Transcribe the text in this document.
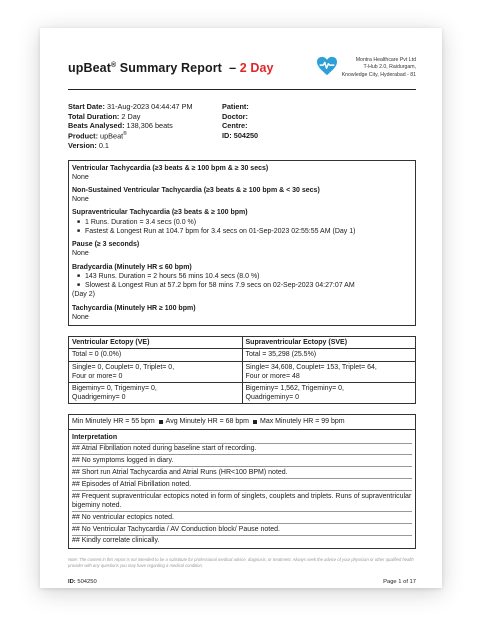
upBeat® Summary Report  – 2 Day
Montra Healthcare Pvt Ltd
T-Hub 2.0, Raidurgam,
Knowledge City, Hyderabad - 81
Start Date: 31-Aug-2023 04:44:47 PM
Total Duration: 2 Day
Beats Analysed: 138,306 beats
Product: upBeat®
Version: 0.1
Patient:
Doctor:
Centre:
ID: 504250
Ventricular Tachycardia (≥3 beats & ≥ 100 bpm & ≥ 30 secs)
None
Non-Sustained Ventricular Tachycardia (≥3 beats & ≥ 100 bpm & < 30 secs)
None
Supraventricular Tachycardia (≥3 beats & ≥ 100 bpm)
■ 1 Runs. Duration = 3.4 secs (0.0 %)
■ Fastest & Longest Run at 104.7 bpm for 3.4 secs on 01-Sep-2023 02:55:55 AM (Day 1)
Pause (≥ 3 seconds)
None
Bradycardia (Minutely HR ≤ 60 bpm)
■ 143 Runs. Duration = 2 hours 56 mins 10.4 secs (8.0 %)
■ Slowest & Longest Run at 57.2 bpm for 58 mins 7.9 secs on 02-Sep-2023 04:27:07 AM
(Day 2)
Tachycardia (Minutely HR ≥ 100 bpm)
None
Ventricular Ectopy (VE)
Total = 0 (0.0%)
Single= 0, Couplet= 0, Triplet= 0,
Four or more= 0
Bigeminy= 0, Trigeminy= 0,
Quadrigeminy= 0
Supraventricular Ectopy (SVE)
Total = 35,298 (25.5%)
Single= 34,608, Couplet= 153, Triplet= 64,
Four or more= 48
Bigeminy= 1,562, Trigeminy= 0,
Quadrigeminy= 0
Min Minutely HR = 55 bpm Avg Minutely HR = 68 bpm Max Minutely HR = 99 bpm
Interpretation
## Atrial Fibrillation noted during baseline start of recording.
## No symptoms logged in diary.
## Short run Atrial Tachycardia and Atrial Runs (HR<100 BPM) noted.
## Episodes of Atrial Fibrillation noted.
## Frequent supraventricular ectopics noted in form of singlets, couplets and triplets. Runs of supraventricular bigeminy noted.
## No ventricular ectopics noted.
## No Ventricular Tachycardia / AV Conduction block/ Pause noted.
## Kindly correlate clinically.
Note: The content in this report is not intended to be a substitute for professional medical advice, diagnosis, or treatment. Always seek the advice of your physician or other qualified health provider with any questions you may have regarding a medical condition.
ID: 504250	Page 1 of 17
